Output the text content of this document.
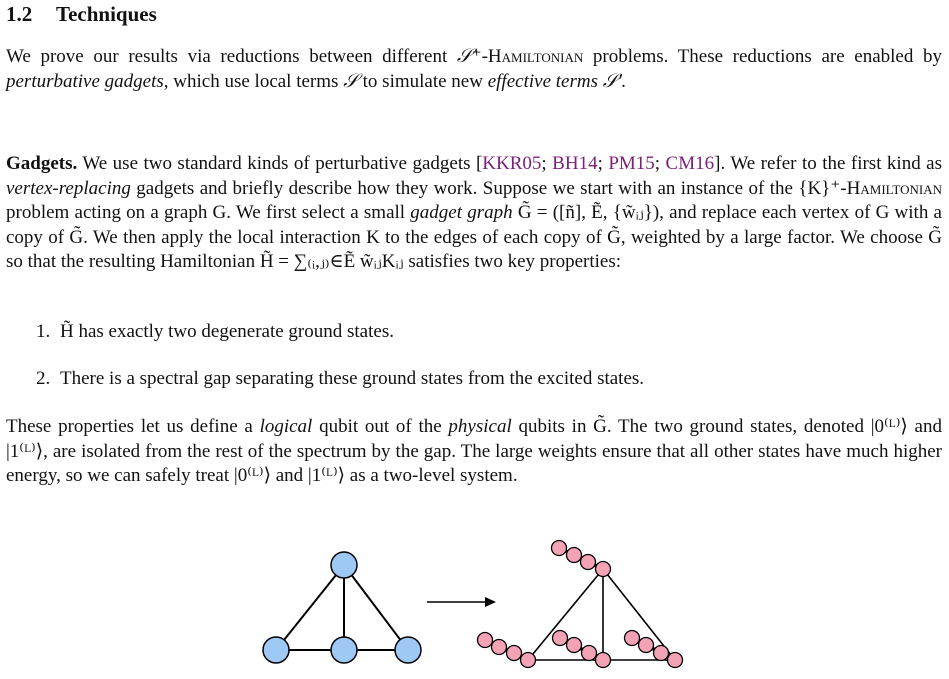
1.2 Techniques
We prove our results via reductions between different 𝒮⁺-Hamiltonian problems. These reductions are enabled by perturbative gadgets, which use local terms 𝒮 to simulate new effective terms 𝒮′.
Gadgets. We use two standard kinds of perturbative gadgets [KKR05; BH14; PM15; CM16]. We refer to the first kind as vertex-replacing gadgets and briefly describe how they work. Suppose we start with an instance of the {K}⁺-Hamiltonian problem acting on a graph G. We first select a small gadget graph G̃ = ([ñ], Ẽ, {w̃ᵢⱼ}), and replace each vertex of G with a copy of G̃. We then apply the local interaction K to the edges of each copy of G̃, weighted by a large factor. We choose G̃ so that the resulting Hamiltonian H̃ = ∑₍ᵢ,ⱼ₎∈Ẽ w̃ᵢⱼKᵢⱼ satisfies two key properties:
1. H̃ has exactly two degenerate ground states.
2. There is a spectral gap separating these ground states from the excited states.
These properties let us define a logical qubit out of the physical qubits in G̃. The two ground states, denoted |0⁽ᴸ⁾⟩ and |1⁽ᴸ⁾⟩, are isolated from the rest of the spectrum by the gap. The large weights ensure that all other states have much higher energy, so we can safely treat |0⁽ᴸ⁾⟩ and |1⁽ᴸ⁾⟩ as a two-level system.
